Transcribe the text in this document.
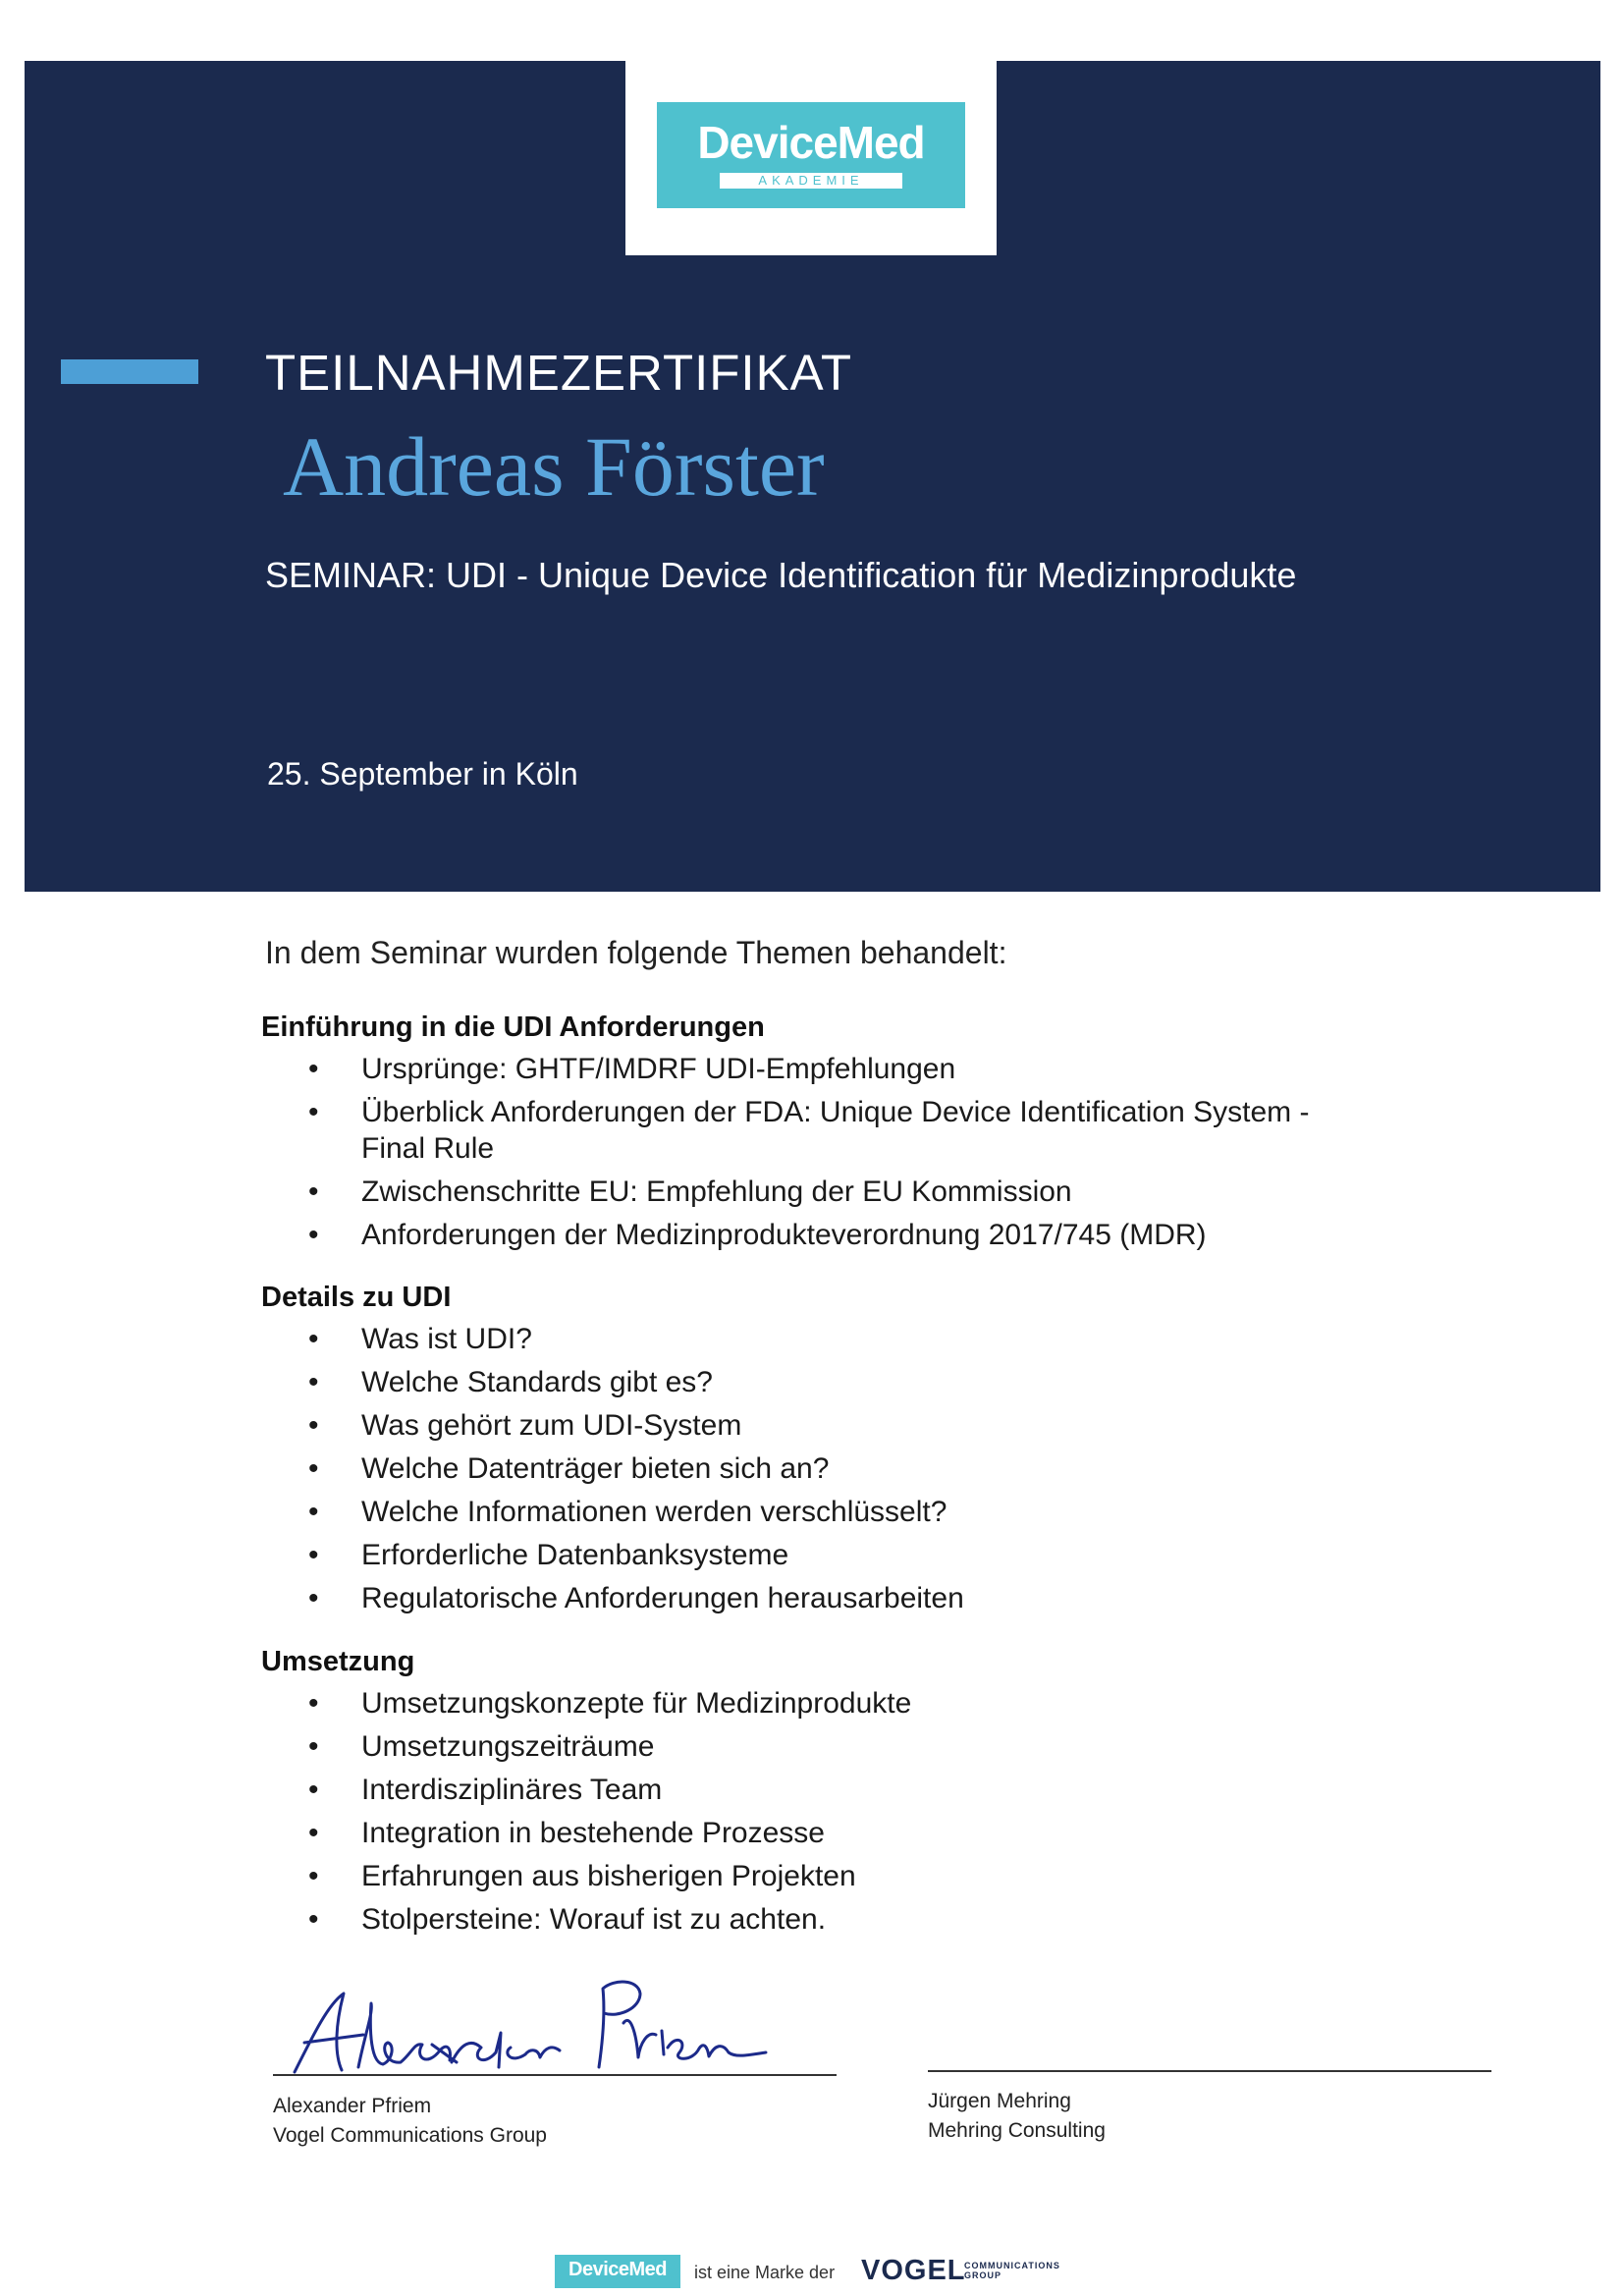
DeviceMed
AKADEMIE
TEILNAHMEZERTIFIKAT
Andreas Förster
SEMINAR: UDI - Unique Device Identification für Medizinprodukte
25. September in Köln
In dem Seminar wurden folgende Themen behandelt:
Einführung in die UDI Anforderungen
• Ursprünge: GHTF/IMDRF UDI-Empfehlungen
• Überblick Anforderungen der FDA: Unique Device Identification System - Final Rule
• Zwischenschritte EU: Empfehlung der EU Kommission
• Anforderungen der Medizinprodukteverordnung 2017/745 (MDR)
Details zu UDI
• Was ist UDI?
• Welche Standards gibt es?
• Was gehört zum UDI-System
• Welche Datenträger bieten sich an?
• Welche Informationen werden verschlüsselt?
• Erforderliche Datenbanksysteme
• Regulatorische Anforderungen herausarbeiten
Umsetzung
• Umsetzungskonzepte für Medizinprodukte
• Umsetzungszeiträume
• Interdisziplinäres Team
• Integration in bestehende Prozesse
• Erfahrungen aus bisherigen Projekten
• Stolpersteine: Worauf ist zu achten.
Alexander Pfriem
Vogel Communications Group
Jürgen Mehring
Mehring Consulting
DeviceMed	ist eine Marke der VOGEL
COMMUNICATIONS
GROUP
